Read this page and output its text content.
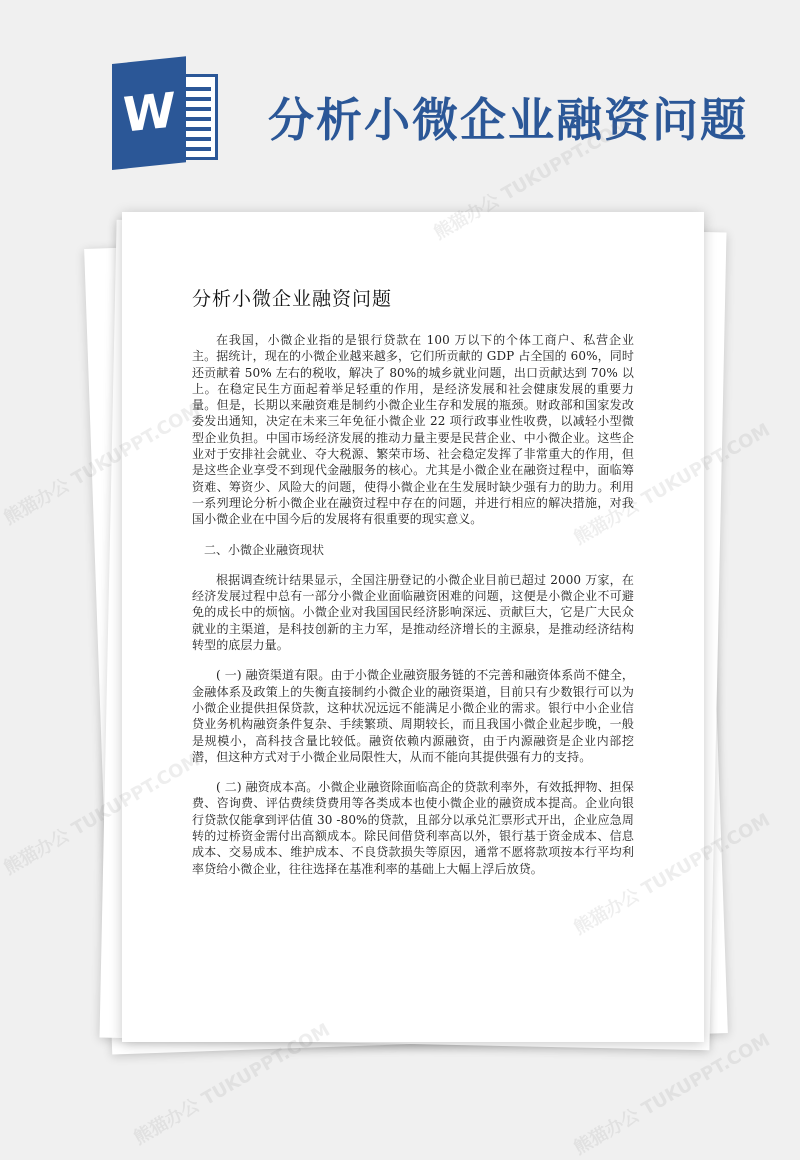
W 分析小微企业融资问题
分析小微企业融资问题

在我国，小微企业指的是银行贷款在 100 万以下的个体工商户、私营企业主。据统计，现在的小微企业越来越多，它们所贡献的 GDP 占全国的 60%，同时还贡献着 50% 左右的税收，解决了 80%的城乡就业问题，出口贡献达到 70% 以上。在稳定民生方面起着举足轻重的作用，是经济发展和社会健康发展的重要力量。但是，长期以来融资难是制约小微企业生存和发展的瓶颈。财政部和国家发改委发出通知，决定在未来三年免征小微企业 22 项行政事业性收费，以减轻小型微型企业负担。中国市场经济发展的推动力量主要是民营企业、中小微企业。这些企业对于安排社会就业、夺大税源、繁荣市场、社会稳定发挥了非常重大的作用，但是这些企业享受不到现代金融服务的核心。尤其是小微企业在融资过程中，面临筹资难、筹资少、风险大的问题，使得小微企业在生发展时缺少强有力的助力。利用一系列理论分析小微企业在融资过程中存在的问题，并进行相应的解决措施，对我国小微企业在中国今后的发展将有很重要的现实意义。

二、小微企业融资现状

根据调查统计结果显示，全国注册登记的小微企业目前已超过 2000 万家，在经济发展过程中总有一部分小微企业面临融资困难的问题，这便是小微企业不可避免的成长中的烦恼。小微企业对我国国民经济影响深远、贡献巨大，它是广大民众就业的主渠道，是科技创新的主力军，是推动经济增长的主源泉，是推动经济结构转型的底层力量。

( 一) 融资渠道有限。由于小微企业融资服务链的不完善和融资体系尚不健全，金融体系及政策上的失衡直接制约小微企业的融资渠道，目前只有少数银行可以为小微企业提供担保贷款，这种状况远远不能满足小微企业的需求。银行中小企业信贷业务机构融资条件复杂、手续繁琐、周期较长，而且我国小微企业起步晚，一般是规模小，高科技含量比较低。融资依赖内源融资，由于内源融资是企业内部挖潜，但这种方式对于小微企业局限性大，从而不能向其提供强有力的支持。

( 二) 融资成本高。小微企业融资除面临高企的贷款利率外，有效抵押物、担保费、咨询费、评估费续贷费用等各类成本也使小微企业的融资成本提高。企业向银行贷款仅能拿到评估值 30 -80%的贷款，且部分以承兑汇票形式开出，企业应急周转的过桥资金需付出高额成本。除民间借贷利率高以外，银行基于资金成本、信息成本、交易成本、维护成本、不良贷款损失等原因，通常不愿将款项按本行平均利率贷给小微企业，往往选择在基准利率的基础上大幅上浮后放贷。

熊猫办公 TUKUPPT.COM
熊猫办公
熊猫办公 TUKUPPT.COM
熊猫办公 TUKUPPT.COM	熊猫办公 TUKUPPT.COM
